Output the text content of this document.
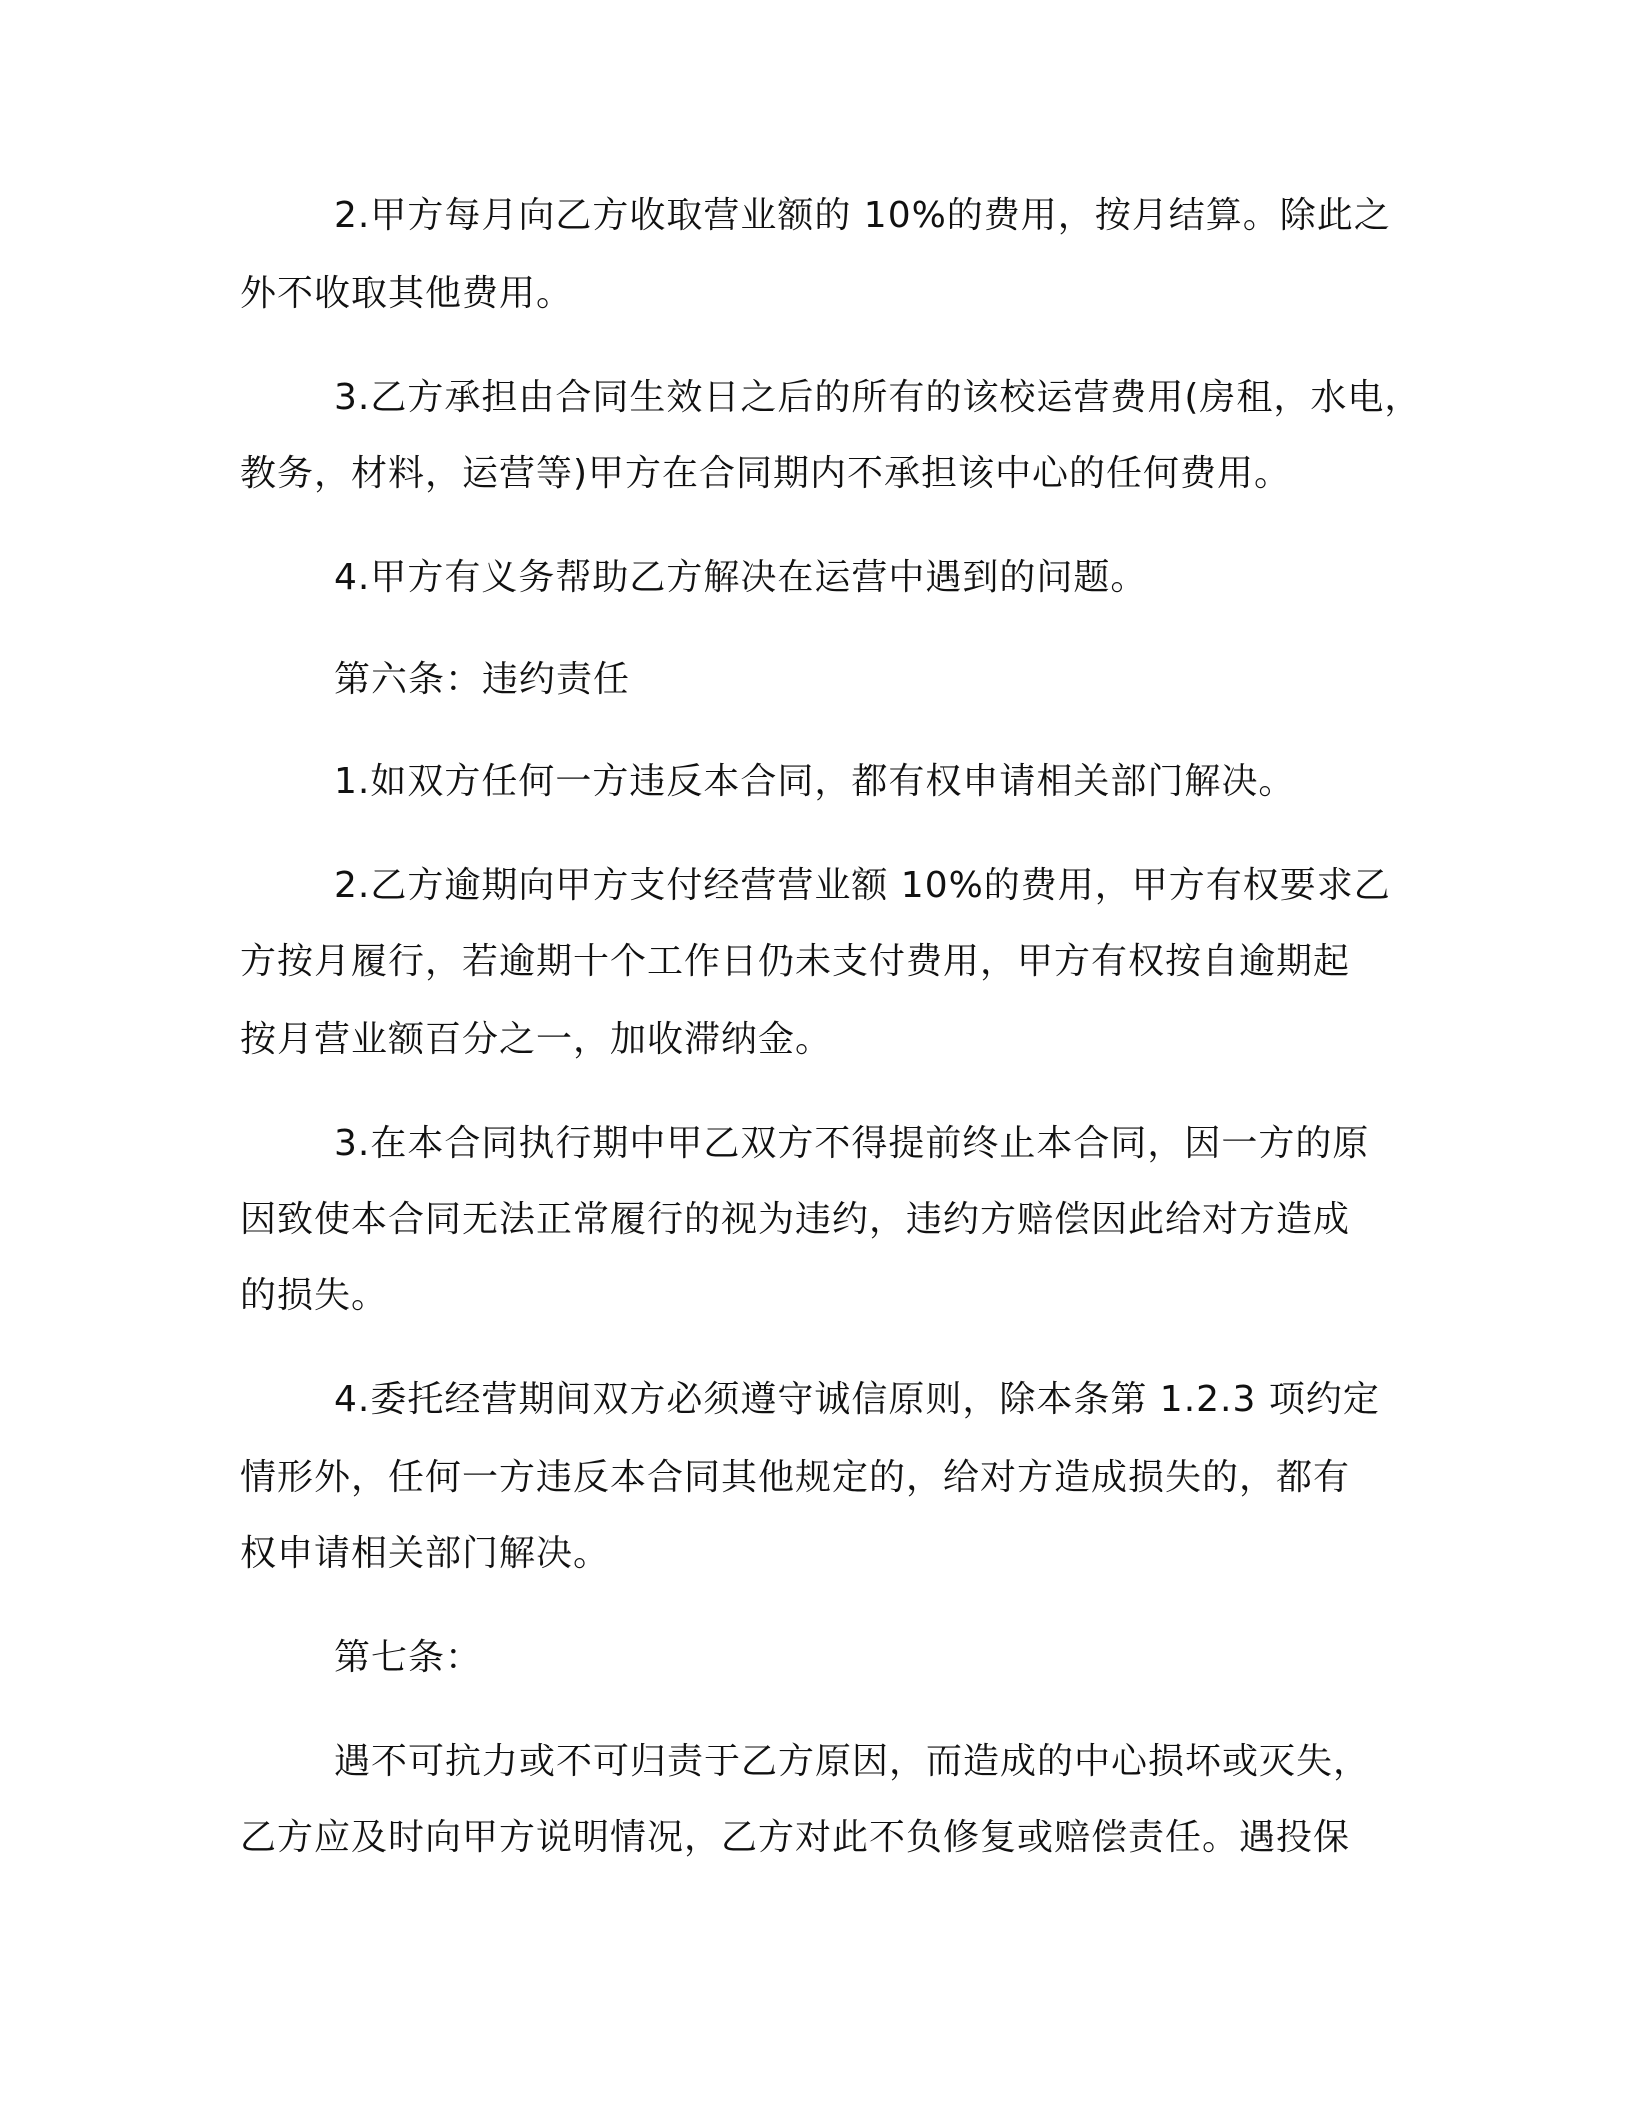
2.甲方每月向乙方收取营业额的 10%的费用，按月结算。除此之
外不收取其他费用。
3.乙方承担由合同生效日之后的所有的该校运营费用(房租，水电，
教务，材料，运营等)甲方在合同期内不承担该中心的任何费用。
4.甲方有义务帮助乙方解决在运营中遇到的问题。
第六条：违约责任
1.如双方任何一方违反本合同，都有权申请相关部门解决。
2.乙方逾期向甲方支付经营营业额 10%的费用，甲方有权要求乙
方按月履行，若逾期十个工作日仍未支付费用，甲方有权按自逾期起
按月营业额百分之一，加收滞纳金。
3.在本合同执行期中甲乙双方不得提前终止本合同，因一方的原
因致使本合同无法正常履行的视为违约，违约方赔偿因此给对方造成
的损失。
4.委托经营期间双方必须遵守诚信原则，除本条第 1.2.3 项约定
情形外，任何一方违反本合同其他规定的，给对方造成损失的，都有
权申请相关部门解决。
第七条：
遇不可抗力或不可归责于乙方原因，而造成的中心损坏或灭失，
乙方应及时向甲方说明情况，乙方对此不负修复或赔偿责任。遇投保
